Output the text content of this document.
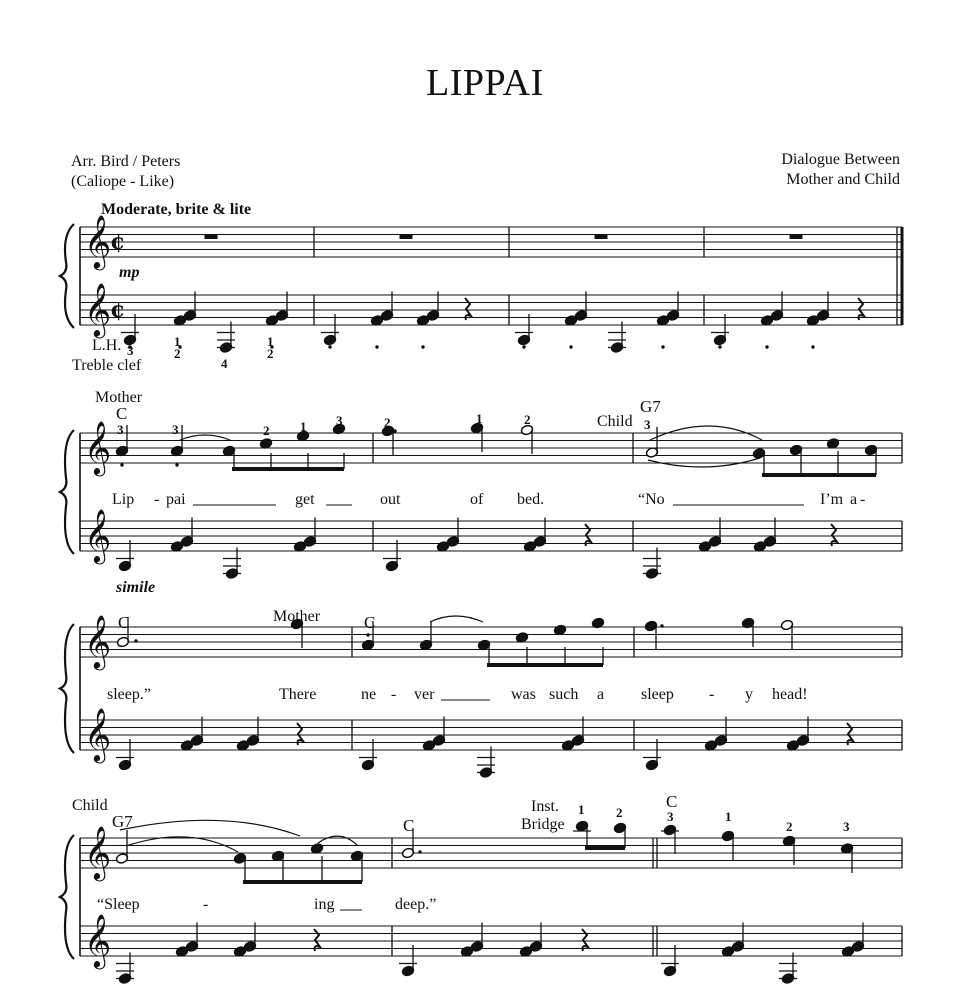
LIPPAI
Arr. Bird / Peters
(Caliope - Like)
Dialogue Between
Mother and Child
Moderate, brite & lite
𝄞
𝄞
¢
¢
𝄞
𝄞
𝄞
𝄞
𝄞
𝄞
mp
L.H.
Treble clef
3
1
2
4
1
2
Mother
C	G7
Child
3	3	2 1 3	2	1	2	3
Lip - pai	get	out	of bed.	“No	I’m a -
simile
C	Mother	C
sleep.”	There	ne - ver	was such a sleep - y head!
Child
G7	C
C
Inst.
Bridge
1 2	3	1
2	3
“Sleep	-	ing	deep.”
